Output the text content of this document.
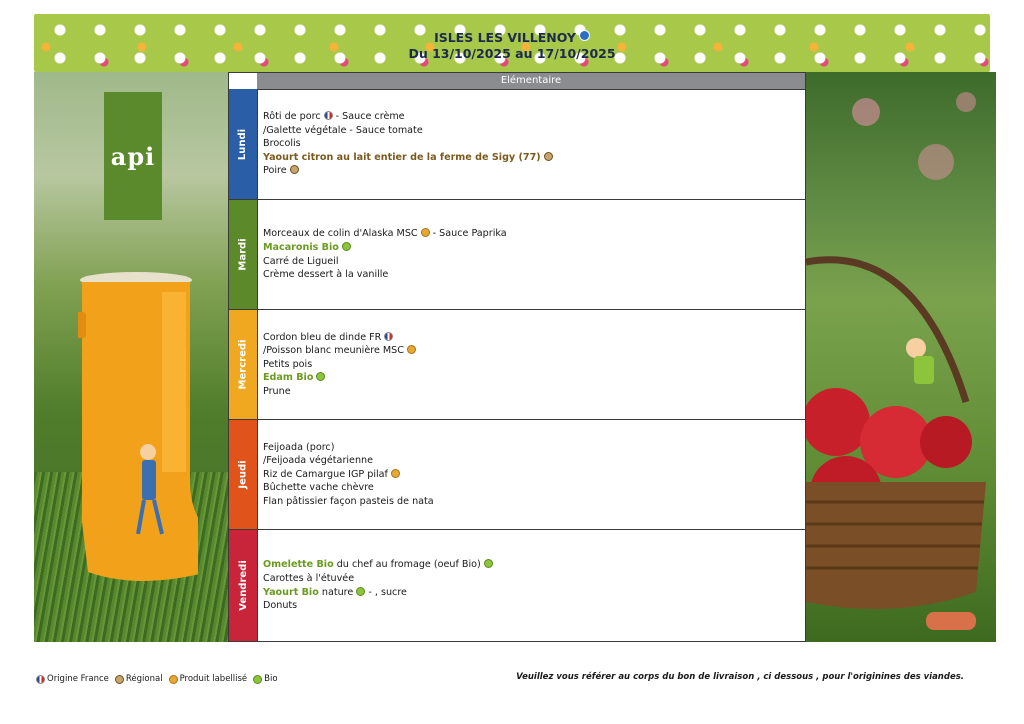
ISLES LES VILLENOY
Du 13/10/2025 au 17/10/2025
api
Elémentaire
Lundi
Rôti de porc - Sauce crème
/Galette végétale - Sauce tomate
Brocolis
Yaourt citron au lait entier de la ferme de Sigy (77)
Poire
Mardi
Morceaux de colin d'Alaska MSC - Sauce Paprika
Macaronis Bio
Carré de Ligueil
Crème dessert à la vanille
Mercredi
Cordon bleu de dinde FR
/Poisson blanc meunière MSC
Petits pois
Edam Bio
Prune
Jeudi
Feijoada (porc)
/Feijoada végétarienne
Riz de Camargue IGP pilaf
Bûchette vache chèvre
Flan pâtissier façon pasteis de nata
Vendredi Omelette Bio du chef au fromage (oeuf Bio)
Carottes à l'étuvée
Yaourt Bio nature - , sucre
Donuts
Origine France Régional Produit labellisé Bio	Veuillez vous référer au corps du bon de livraison , ci dessous , pour l'originines des viandes.
